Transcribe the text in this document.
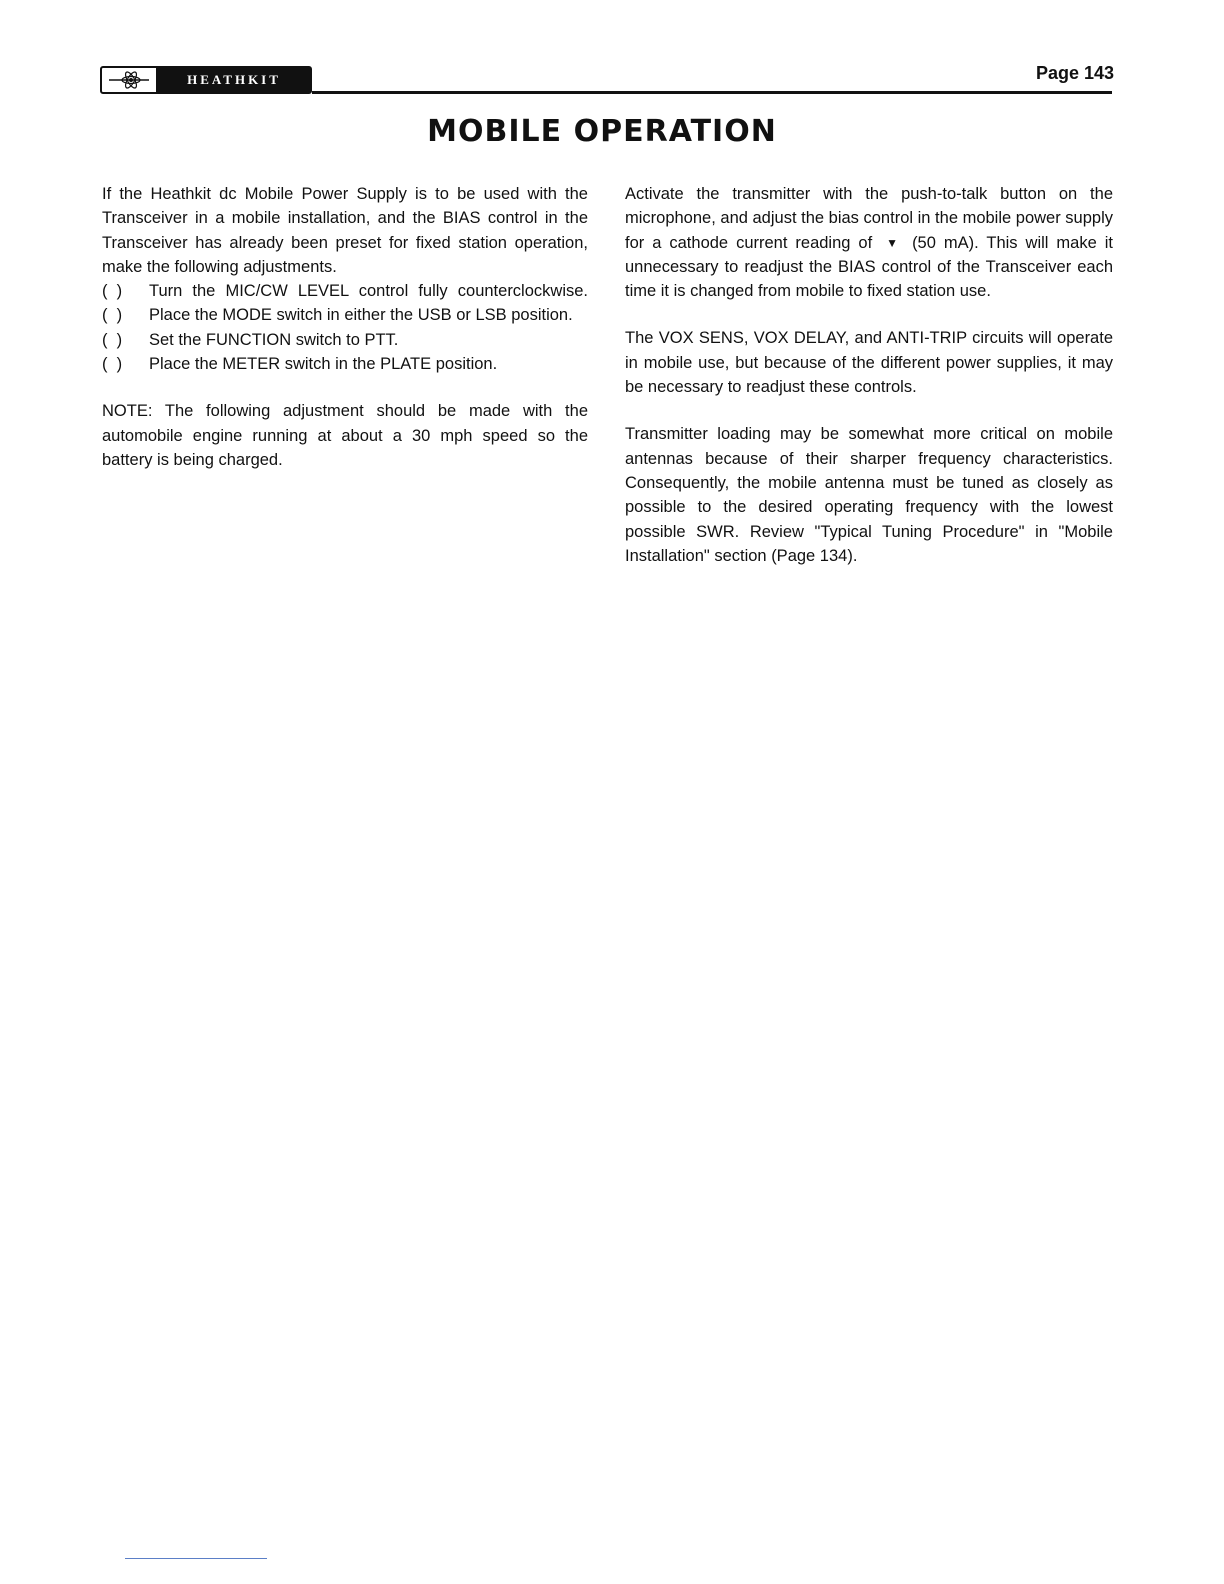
HEATHKIT	Page 143
MOBILE OPERATION

If the Heathkit dc Mobile Power Supply is to be used with the Transceiver in a mobile installation, and the BIAS control in the Transceiver has already been preset for fixed station operation, make the following adjustments.

(  )	Turn the MIC/CW LEVEL control fully counterclockwise.
(  )	Place the MODE switch in either the USB or LSB position.
(  )	Set the FUNCTION switch to PTT.
(  )	Place the METER switch in the PLATE position.

NOTE: The following adjustment should be made with the automobile engine running at about a 30 mph speed so the battery is being charged.

Activate the transmitter with the push-to-talk button on the microphone, and adjust the bias control in the mobile power supply for a cathode current reading of ▼ (50 mA). This will make it unnecessary to readjust the BIAS control of the Transceiver each time it is changed from mobile to fixed station use.

The VOX SENS, VOX DELAY, and ANTI-TRIP circuits will operate in mobile use, but because of the different power supplies, it may be necessary to readjust these controls.

Transmitter loading may be somewhat more critical on mobile antennas because of their sharper frequency characteristics. Consequently, the mobile antenna must be tuned as closely as possible to the desired operating frequency with the lowest possible SWR. Review "Typical Tuning Procedure" in "Mobile Installation" section (Page 134).
